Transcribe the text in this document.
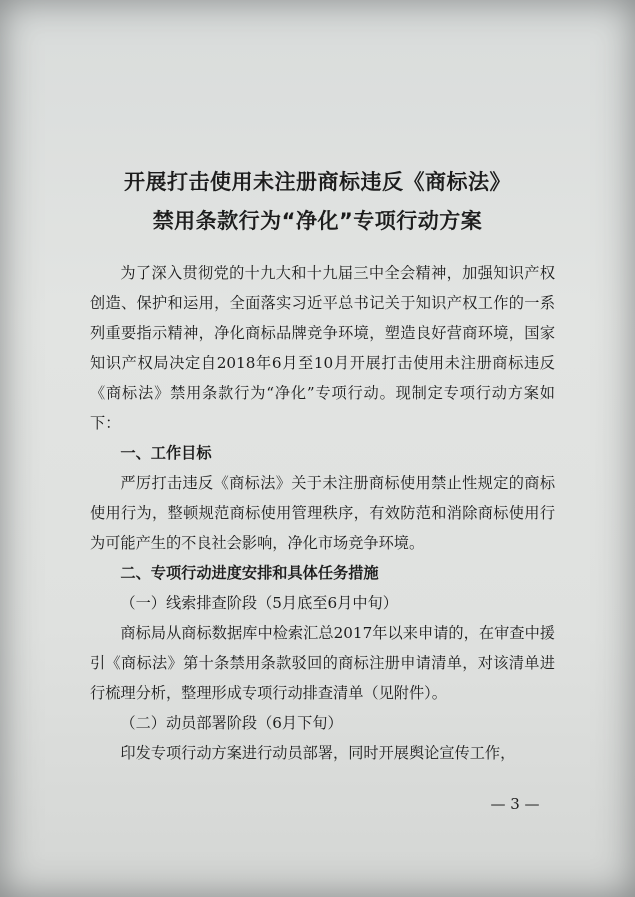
开展打击使用未注册商标违反《商标法》
禁用条款行为“净化”专项行动方案

为了深入贯彻党的十九大和十九届三中全会精神，加强知识产权创造、保护和运用，全面落实习近平总书记关于知识产权工作的一系列重要指示精神，净化商标品牌竞争环境，塑造良好营商环境，国家知识产权局决定自2018年6月至10月开展打击使用未注册商标违反《商标法》禁用条款行为“净化”专项行动。现制定专项行动方案如下：

一、工作目标

严厉打击违反《商标法》关于未注册商标使用禁止性规定的商标使用行为，整顿规范商标使用管理秩序，有效防范和消除商标使用行为可能产生的不良社会影响，净化市场竞争环境。

二、专项行动进度安排和具体任务措施

（一）线索排查阶段（5月底至6月中旬）

商标局从商标数据库中检索汇总2017年以来申请的，在审查中援引《商标法》第十条禁用条款驳回的商标注册申请清单，对该清单进行梳理分析，整理形成专项行动排查清单（见附件）。

（二）动员部署阶段（6月下旬）

印发专项行动方案进行动员部署，同时开展舆论宣传工作，

— 3 —
